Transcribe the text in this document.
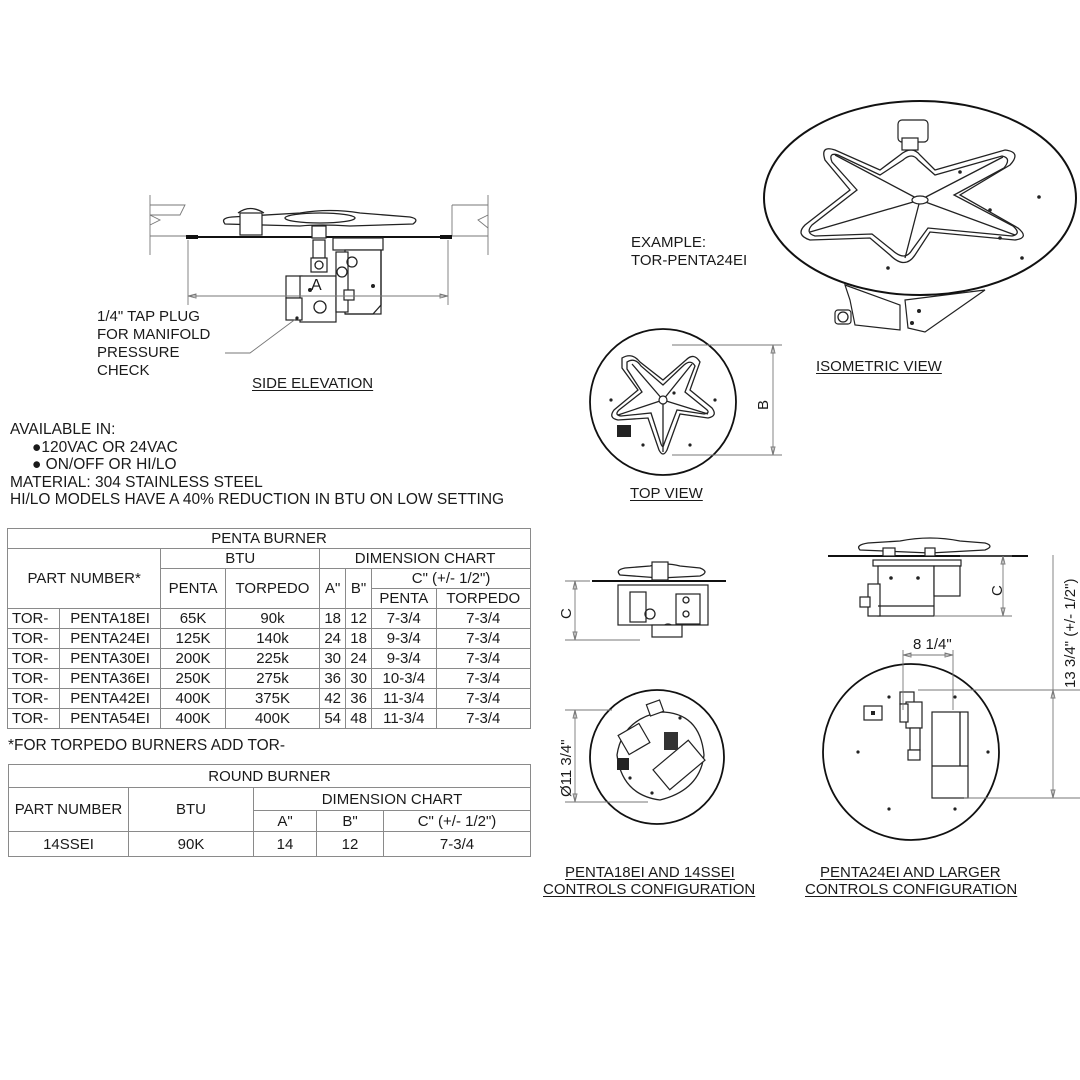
A
1/4" TAP PLUG
FOR MANIFOLD
PRESSURE
CHECK
SIDE ELEVATION
EXAMPLE:
TOR-PENTA24EI
ISOMETRIC VIEW
B
TOP VIEW
AVAILABLE IN:
●120VAC OR 24VAC
● ON/OFF OR HI/LO
MATERIAL: 304 STAINLESS STEEL
HI/LO MODELS HAVE A 40% REDUCTION IN BTU ON LOW SETTING
PENTA BURNER							
PART NUMBER*		BTU		DIMENSION CHART			
		PENTA	TORPEDO	A"	B"	C" (+/- 1/2")	
						PENTA	TORPEDO
TOR-	PENTA18EI	65K	90k	18	12	7-3/4	7-3/4
TOR-	PENTA24EI	125K	140k	24	18	9-3/4	7-3/4
TOR-	PENTA30EI	200K	225k	30	24	9-3/4	7-3/4
TOR-	PENTA36EI	250K	275k	36	30	10-3/4	7-3/4
TOR-	PENTA42EI	400K	375K	42	36	11-3/4	7-3/4
TOR-	PENTA54EI	400K	400K	54	48	11-3/4	7-3/4
*FOR TORPEDO BURNERS ADD TOR-
ROUND BURNER				
PART NUMBER	BTU	DIMENSION CHART		
		A"	B"	C" (+/- 1/2")
14SSEI	90K	14	12	7-3/4
C
Ø11 3/4"
PENTA18EI AND 14SSEI
CONTROLS CONFIGURATION
C
8 1/4"	13 3/4" (+/- 1/2")
PENTA24EI AND LARGER
CONTROLS CONFIGURATION
